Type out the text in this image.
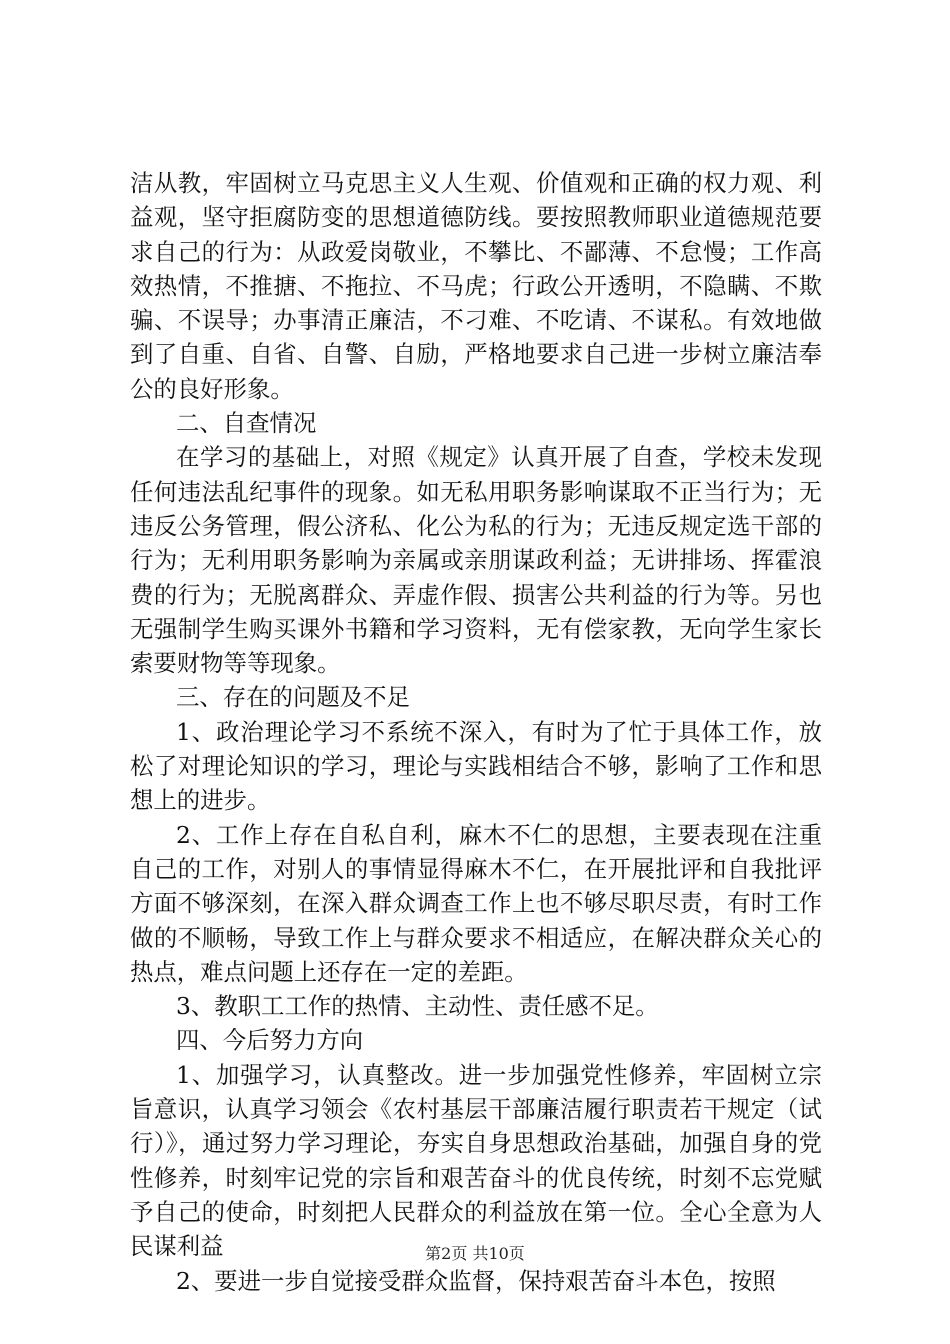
洁从教，牢固树立马克思主义人生观、价值观和正确的权力观、利益观，坚守拒腐防变的思想道德防线。要按照教师职业道德规范要求自己的行为：从政爱岗敬业，不攀比、不鄙薄、不怠慢；工作高效热情，不推搪、不拖拉、不马虎；行政公开透明，不隐瞒、不欺骗、不误导；办事清正廉洁，不刁难、不吃请、不谋私。有效地做到了自重、自省、自警、自励，严格地要求自己进一步树立廉洁奉公的良好形象。

二、自查情况

在学习的基础上，对照《规定》认真开展了自查，学校未发现任何违法乱纪事件的现象。如无私用职务影响谋取不正当行为；无违反公务管理，假公济私、化公为私的行为；无违反规定选干部的行为；无利用职务影响为亲属或亲朋谋政利益；无讲排场、挥霍浪费的行为；无脱离群众、弄虚作假、损害公共利益的行为等。另也无强制学生购买课外书籍和学习资料，无有偿家教，无向学生家长索要财物等等现象。

三、存在的问题及不足

1、政治理论学习不系统不深入，有时为了忙于具体工作，放松了对理论知识的学习，理论与实践相结合不够，影响了工作和思想上的进步。

2、工作上存在自私自利，麻木不仁的思想，主要表现在注重自己的工作，对别人的事情显得麻木不仁，在开展批评和自我批评方面不够深刻，在深入群众调查工作上也不够尽职尽责，有时工作做的不顺畅，导致工作上与群众要求不相适应，在解决群众关心的热点，难点问题上还存在一定的差距。

3、教职工工作的热情、主动性、责任感不足。

四、今后努力方向

1、加强学习，认真整改。进一步加强党性修养，牢固树立宗旨意识，认真学习领会《农村基层干部廉洁履行职责若干规定（试行）》，通过努力学习理论，夯实自身思想政治基础，加强自身的党性修养，时刻牢记党的宗旨和艰苦奋斗的优良传统，时刻不忘党赋予自己的使命，时刻把人民群众的利益放在第一位。全心全意为人民谋利益

2、要进一步自觉接受群众监督，保持艰苦奋斗本色，按照

第2页 共10页
